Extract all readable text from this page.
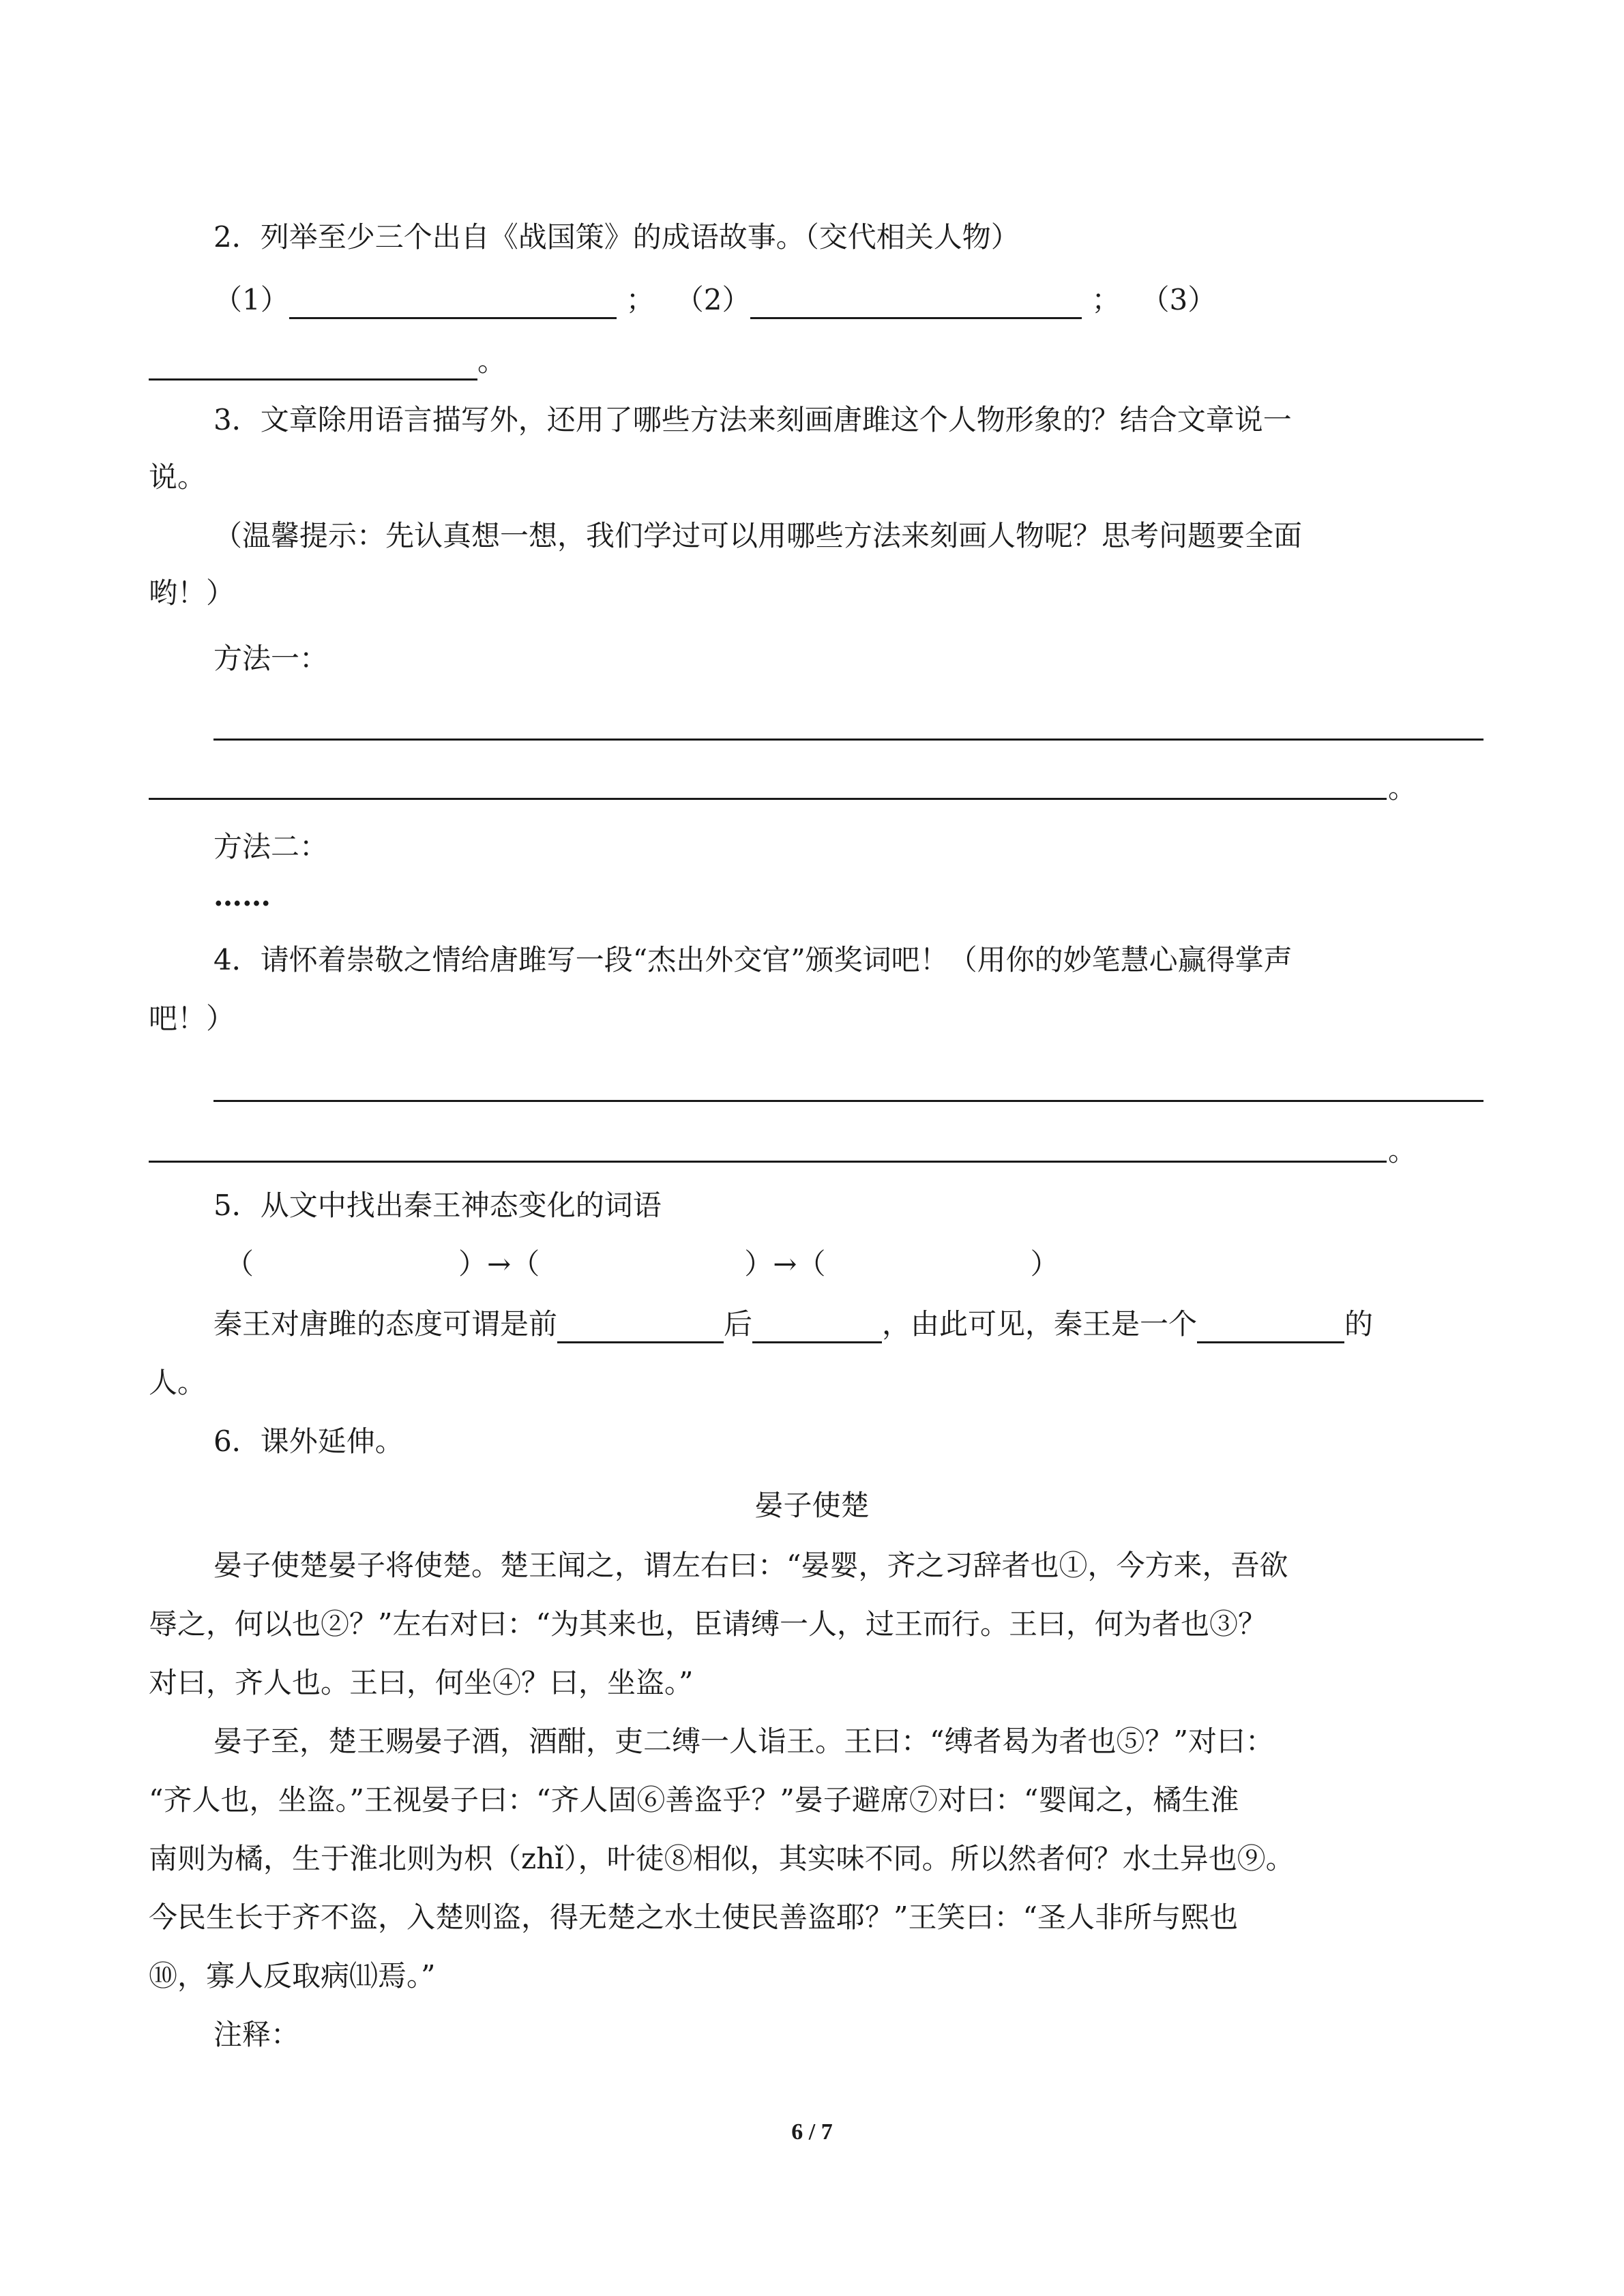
2．列举至少三个出自《战国策》的成语故事。（交代相关人物）
（1）	； （2）	； （3）
。
3．文章除用语言描写外，还用了哪些方法来刻画唐雎这个人物形象的？结合文章说一
说。
（温馨提示：先认真想一想，我们学过可以用哪些方法来刻画人物呢？思考问题要全面
哟！）
方法一：
。
方法二：
……
4．请怀着崇敬之情给唐雎写一段“杰出外交官”颁奖词吧！（用你的妙笔慧心赢得掌声
吧！）
。
5．从文中找出秦王神态变化的词语
（	）→（	）→（	）
秦王对唐雎的态度可谓是前	后	，由此可见，秦王是一个	的
人。
6．课外延伸。
晏子使楚
晏子使楚晏子将使楚。楚王闻之，谓左右曰：“晏婴，齐之习辞者也①，今方来，吾欲
辱之，何以也②？”左右对曰：“为其来也，臣请缚一人，过王而行。王曰，何为者也③？
对曰，齐人也。王曰，何坐④？曰，坐盗。”
晏子至，楚王赐晏子酒，酒酣，吏二缚一人诣王。王曰：“缚者曷为者也⑤？”对曰：
“齐人也，坐盗。”王视晏子曰：“齐人固⑥善盗乎？”晏子避席⑦对曰：“婴闻之，橘生淮
南则为橘，生于淮北则为枳（zhǐ），叶徒⑧相似，其实味不同。所以然者何？水土异也⑨。
今民生长于齐不盗，入楚则盗，得无楚之水土使民善盗耶？”王笑曰：“圣人非所与熙也
⑩，寡人反取病⑾焉。”
注释：
6 / 7
